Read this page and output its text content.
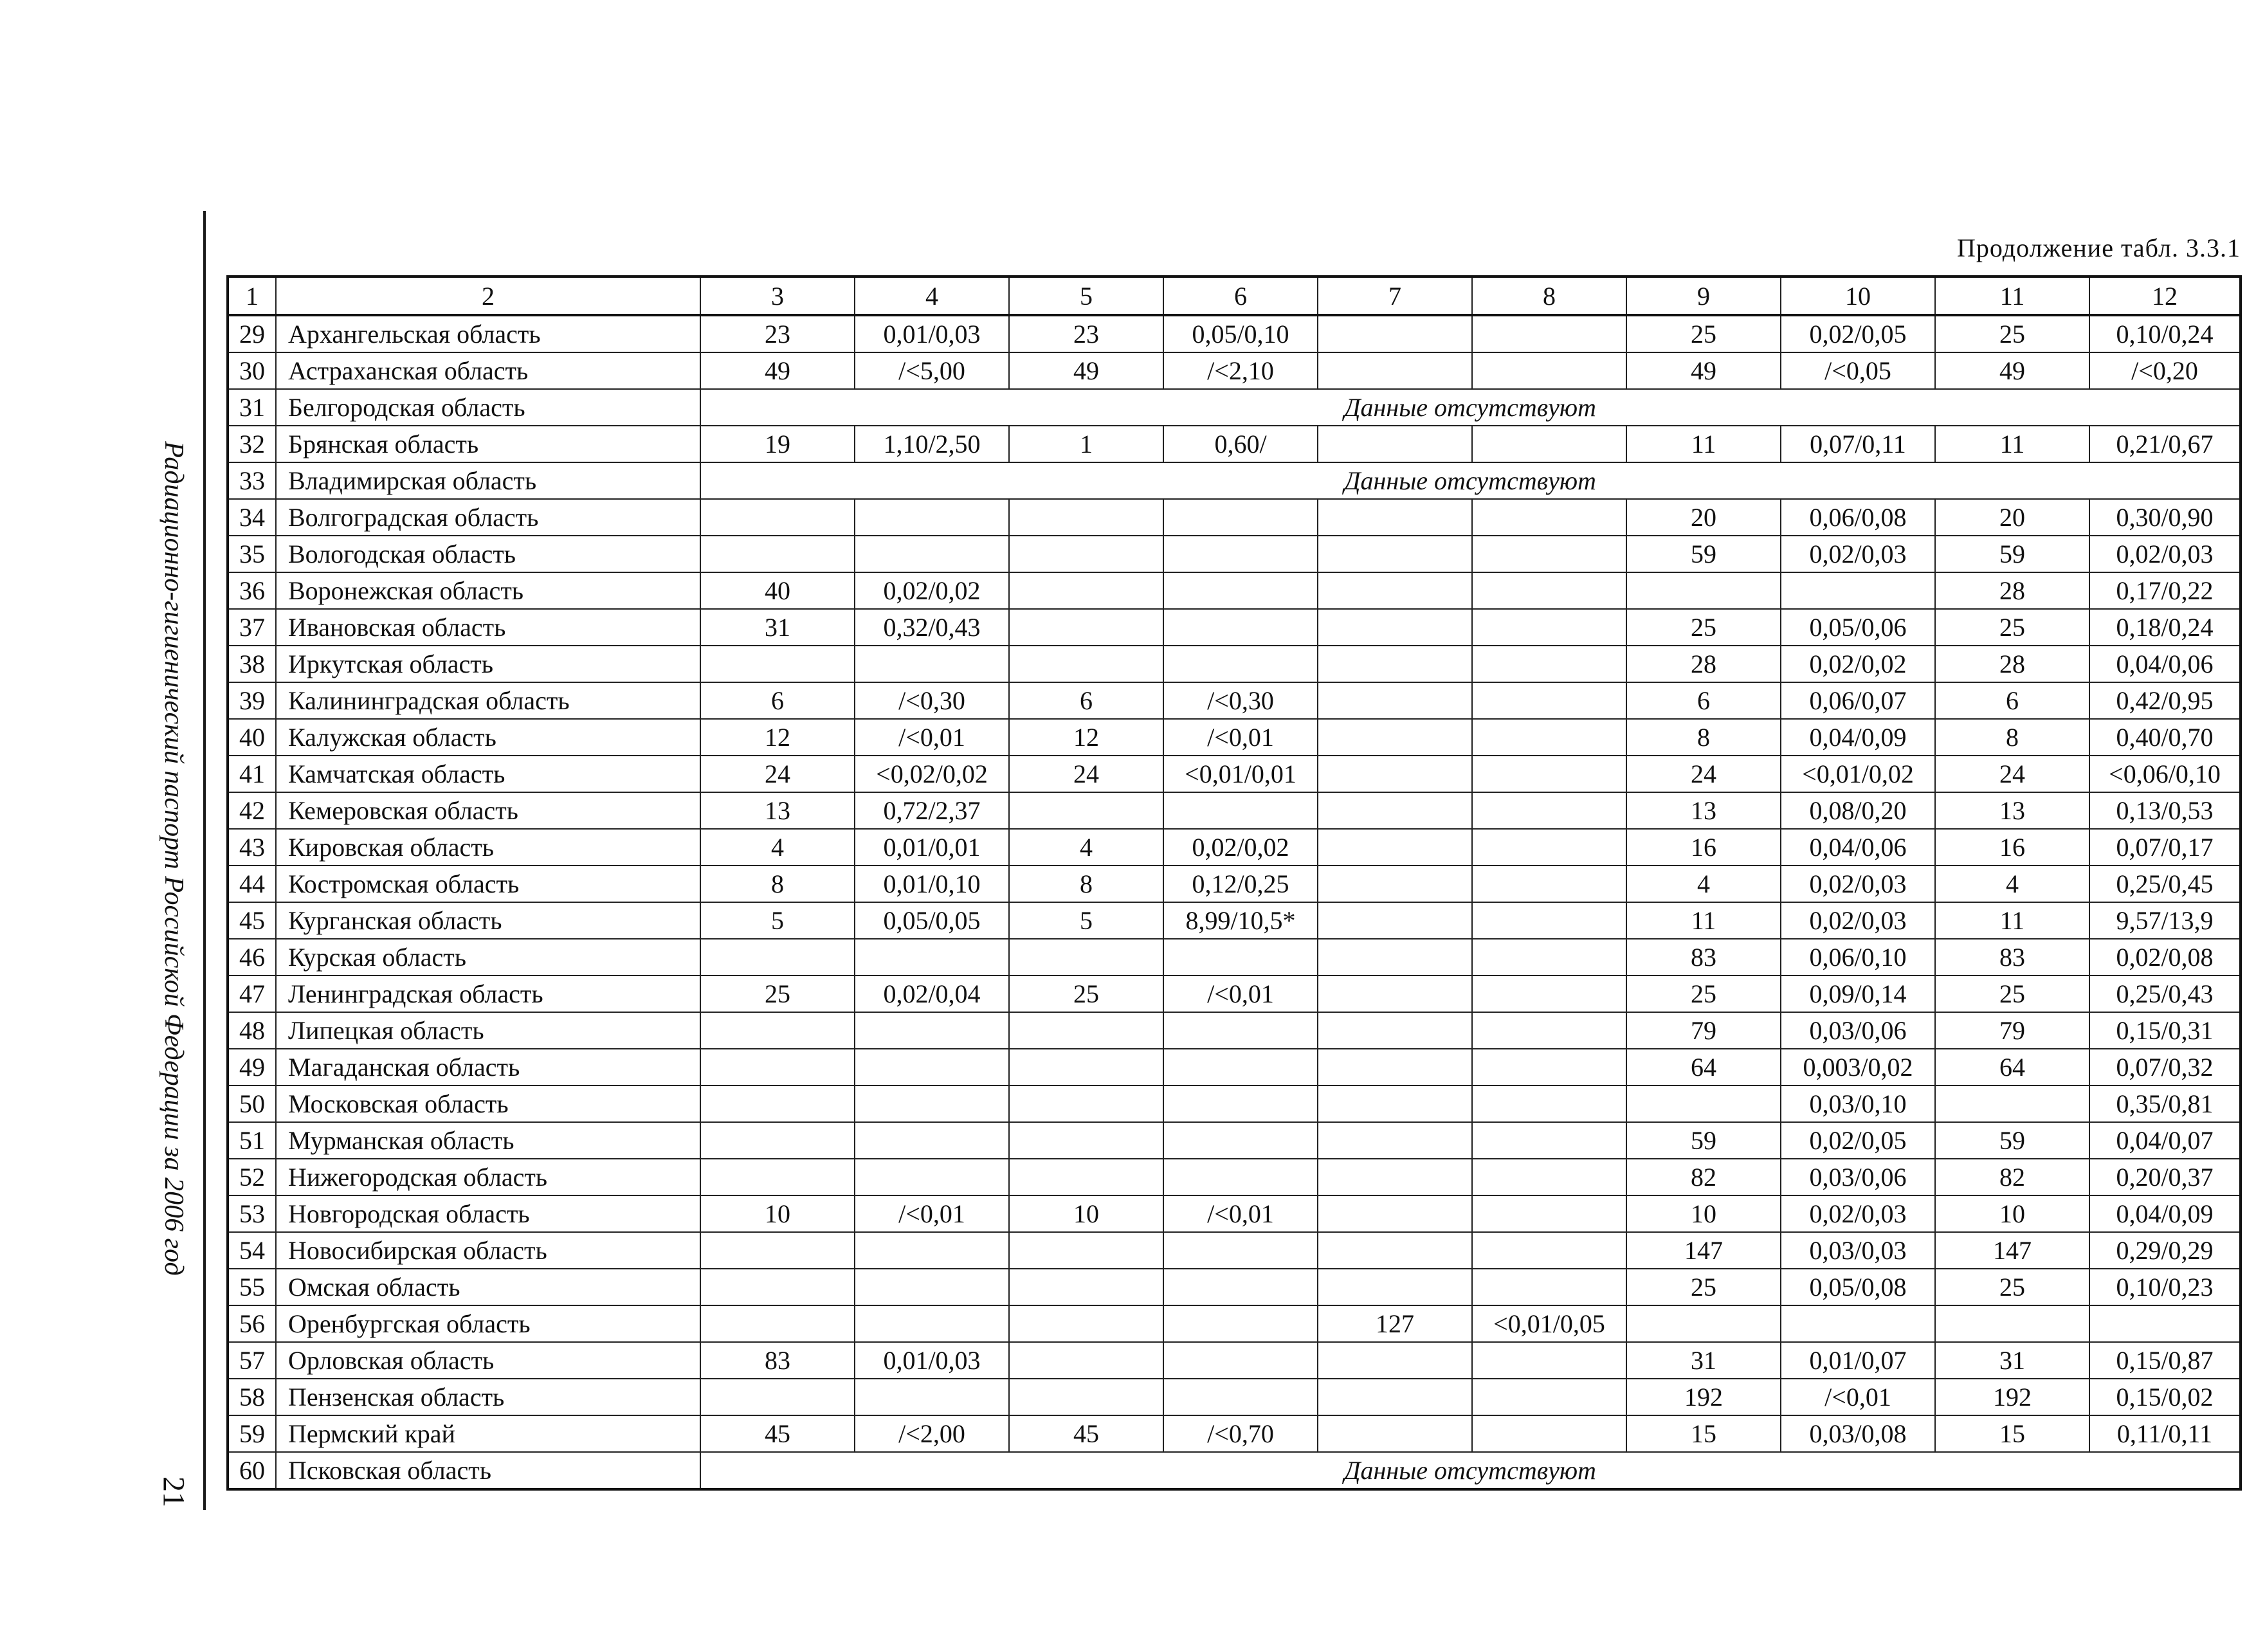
Радиационно-гигиенический паспорт Российской Федерации за 2006 год
21
Продолжение табл. 3.3.1
1	2	3	4	5	6	7	8	9	10	11	12
29	Архангельская область	23	0,01/0,03	23	0,05/0,10			25	0,02/0,05	25	0,10/0,24
30	Астраханская область	49	/<5,00	49	/<2,10			49	/<0,05	49	/<0,20
31	Белгородская область	Данные отсутствуют									
32	Брянская область	19	1,10/2,50	1	0,60/			11	0,07/0,11	11	0,21/0,67
33	Владимирская область	Данные отсутствуют									
34	Волгоградская область							20	0,06/0,08	20	0,30/0,90
35	Вологодская область							59	0,02/0,03	59	0,02/0,03
36	Воронежская область	40	0,02/0,02							28	0,17/0,22
37	Ивановская область	31	0,32/0,43					25	0,05/0,06	25	0,18/0,24
38	Иркутская область							28	0,02/0,02	28	0,04/0,06
39	Калининградская область	6	/<0,30	6	/<0,30			6	0,06/0,07	6	0,42/0,95
40	Калужская область	12	/<0,01	12	/<0,01			8	0,04/0,09	8	0,40/0,70
41	Камчатская область	24	<0,02/0,02	24	<0,01/0,01			24	<0,01/0,02	24	<0,06/0,10
42	Кемеровская область	13	0,72/2,37					13	0,08/0,20	13	0,13/0,53
43	Кировская область	4	0,01/0,01	4	0,02/0,02			16	0,04/0,06	16	0,07/0,17
44	Костромская область	8	0,01/0,10	8	0,12/0,25			4	0,02/0,03	4	0,25/0,45
45	Курганская область	5	0,05/0,05	5	8,99/10,5*			11	0,02/0,03	11	9,57/13,9
46	Курская область							83	0,06/0,10	83	0,02/0,08
47	Ленинградская область	25	0,02/0,04	25	/<0,01			25	0,09/0,14	25	0,25/0,43
48	Липецкая область							79	0,03/0,06	79	0,15/0,31
49	Магаданская область							64	0,003/0,02	64	0,07/0,32
50	Московская область								0,03/0,10		0,35/0,81
51	Мурманская область							59	0,02/0,05	59	0,04/0,07
52	Нижегородская область							82	0,03/0,06	82	0,20/0,37
53	Новгородская область	10	/<0,01	10	/<0,01			10	0,02/0,03	10	0,04/0,09
54	Новосибирская область							147	0,03/0,03	147	0,29/0,29
55	Омская область							25	0,05/0,08	25	0,10/0,23
56	Оренбургская область					127	<0,01/0,05				
57	Орловская область	83	0,01/0,03					31	0,01/0,07	31	0,15/0,87
58	Пензенская область							192	/<0,01	192	0,15/0,02
59	Пермский край	45	/<2,00	45	/<0,70			15	0,03/0,08	15	0,11/0,11
60	Псковская область	Данные отсутствуют									
